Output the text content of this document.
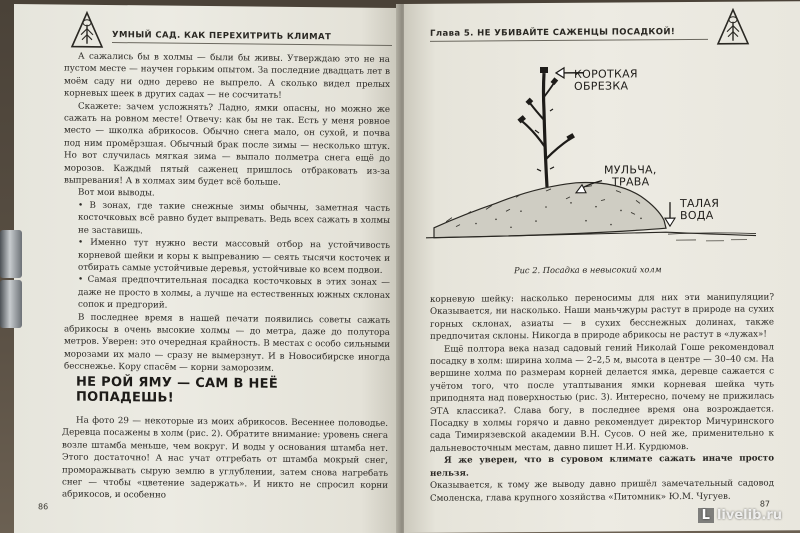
УМНЫЙ САД. КАК ПЕРЕХИТРИТЬ КЛИМАТ

А сажались бы в холмы — были бы живы. Утверждаю это не на пустом месте — научен горьким опытом. За последние двадцать лет в моём саду ни одно дерево не выпрело. А сколько видел прелых корневых шеек в других садах — не сосчитать!

Скажете: зачем усложнять? Ладно, ямки опасны, но можно же сажать на ровном месте! Отвечу: как бы не так. Есть у меня ровное место — школка абрикосов. Обычно снега мало, он сухой, и почва под ним промёрзшая. Обычный брак после зимы — несколько штук. Но вот случилась мягкая зима — выпало полметра снега ещё до морозов. Каждый пятый саженец пришлось отбраковать из-за выпревания! А в холмах зим будет всё больше.

Вот мои выводы.

• В зонах, где такие снежные зимы обычны, заметная часть косточковых всё равно будет выпревать. Ведь всех сажать в холмы не заставишь.

• Именно тут нужно вести массовый отбор на устойчивость корневой шейки и коры к выпреванию — сеять тысячи косточек и отбирать самые устойчивые деревья, устойчивые ко всем подвои.

• Самая предпочтительная посадка косточковых в этих зонах — даже не просто в холмы, а лучше на естественных южных склонах сопок и предгорий.

В последнее время в нашей печати появились советы сажать абрикосы в очень высокие холмы — до метра, даже до полутора метров. Уверен: это очередная крайность. В местах с особо сильными морозами их мало — сразу не вымерзнут. И в Новосибирске иногда бесснежье. Кору спасём — корни заморозим.

НЕ РОЙ ЯМУ — САМ В НЕЁ ПОПАДЕШЬ!

На фото 29 — некоторые из моих абрикосов. Весеннее половодье. Деревца посажены в холм (рис. 2). Обратите внимание: уровень снега возле штамба меньше, чем вокруг. И воды у основания штамба нет. Этого достаточно! А нас учат отгребать от штамба мокрый снег, проморажывать сырую землю в углублении, затем снова нагребать снег — чтобы «цветение задержать». И никто не спросил корни абрикосов, и особенно

86
Глава 5. НЕ УБИВАЙТЕ САЖЕНЦЫ ПОСАДКОЙ!
КОРОТКАЯ
ОБРЕЗКА
МУЛЬЧА,
ТРАВА
ТАЛАЯ
ВОДА
Рис 2. Посадка в невысокий холм

корневую шейку: насколько переносимы для них эти манипуляции? Оказывается, ни насколько. Наши маньчжуры растут в природе на сухих горных склонах, азиаты — в сухих бесснежных долинах, также предпочитая склоны. Никогда в природе абрикосы не растут в «лужах»!

Ещё полтора века назад садовый гений Николай Гоше рекомендовал посадку в холм: ширина холма — 2–2,5 м, высота в центре — 30–40 см. На вершине холма по размерам корней делается ямка, деревце сажается с учётом того, что после утаптывания ямки корневая шейка чуть приподнята над поверхностью (рис. 3). Интересно, почему не прижилась ЭТА классика?. Слава богу, в последнее время она возрождается. Посадку в холмы горячо и давно рекомендует директор Мичуринского сада Тимирязевской академии В.Н. Сусов. О ней же, применительно к дальневосточным местам, давно пишет Н.И. Курдюмов.

Я же уверен, что в суровом климате сажать иначе просто нельзя.

Оказывается, к тому же выводу давно пришёл замечательный садовод Смоленска, глава крупного хозяйства «Питомник» Ю.М. Чугуев.

87
L livelib.ru
